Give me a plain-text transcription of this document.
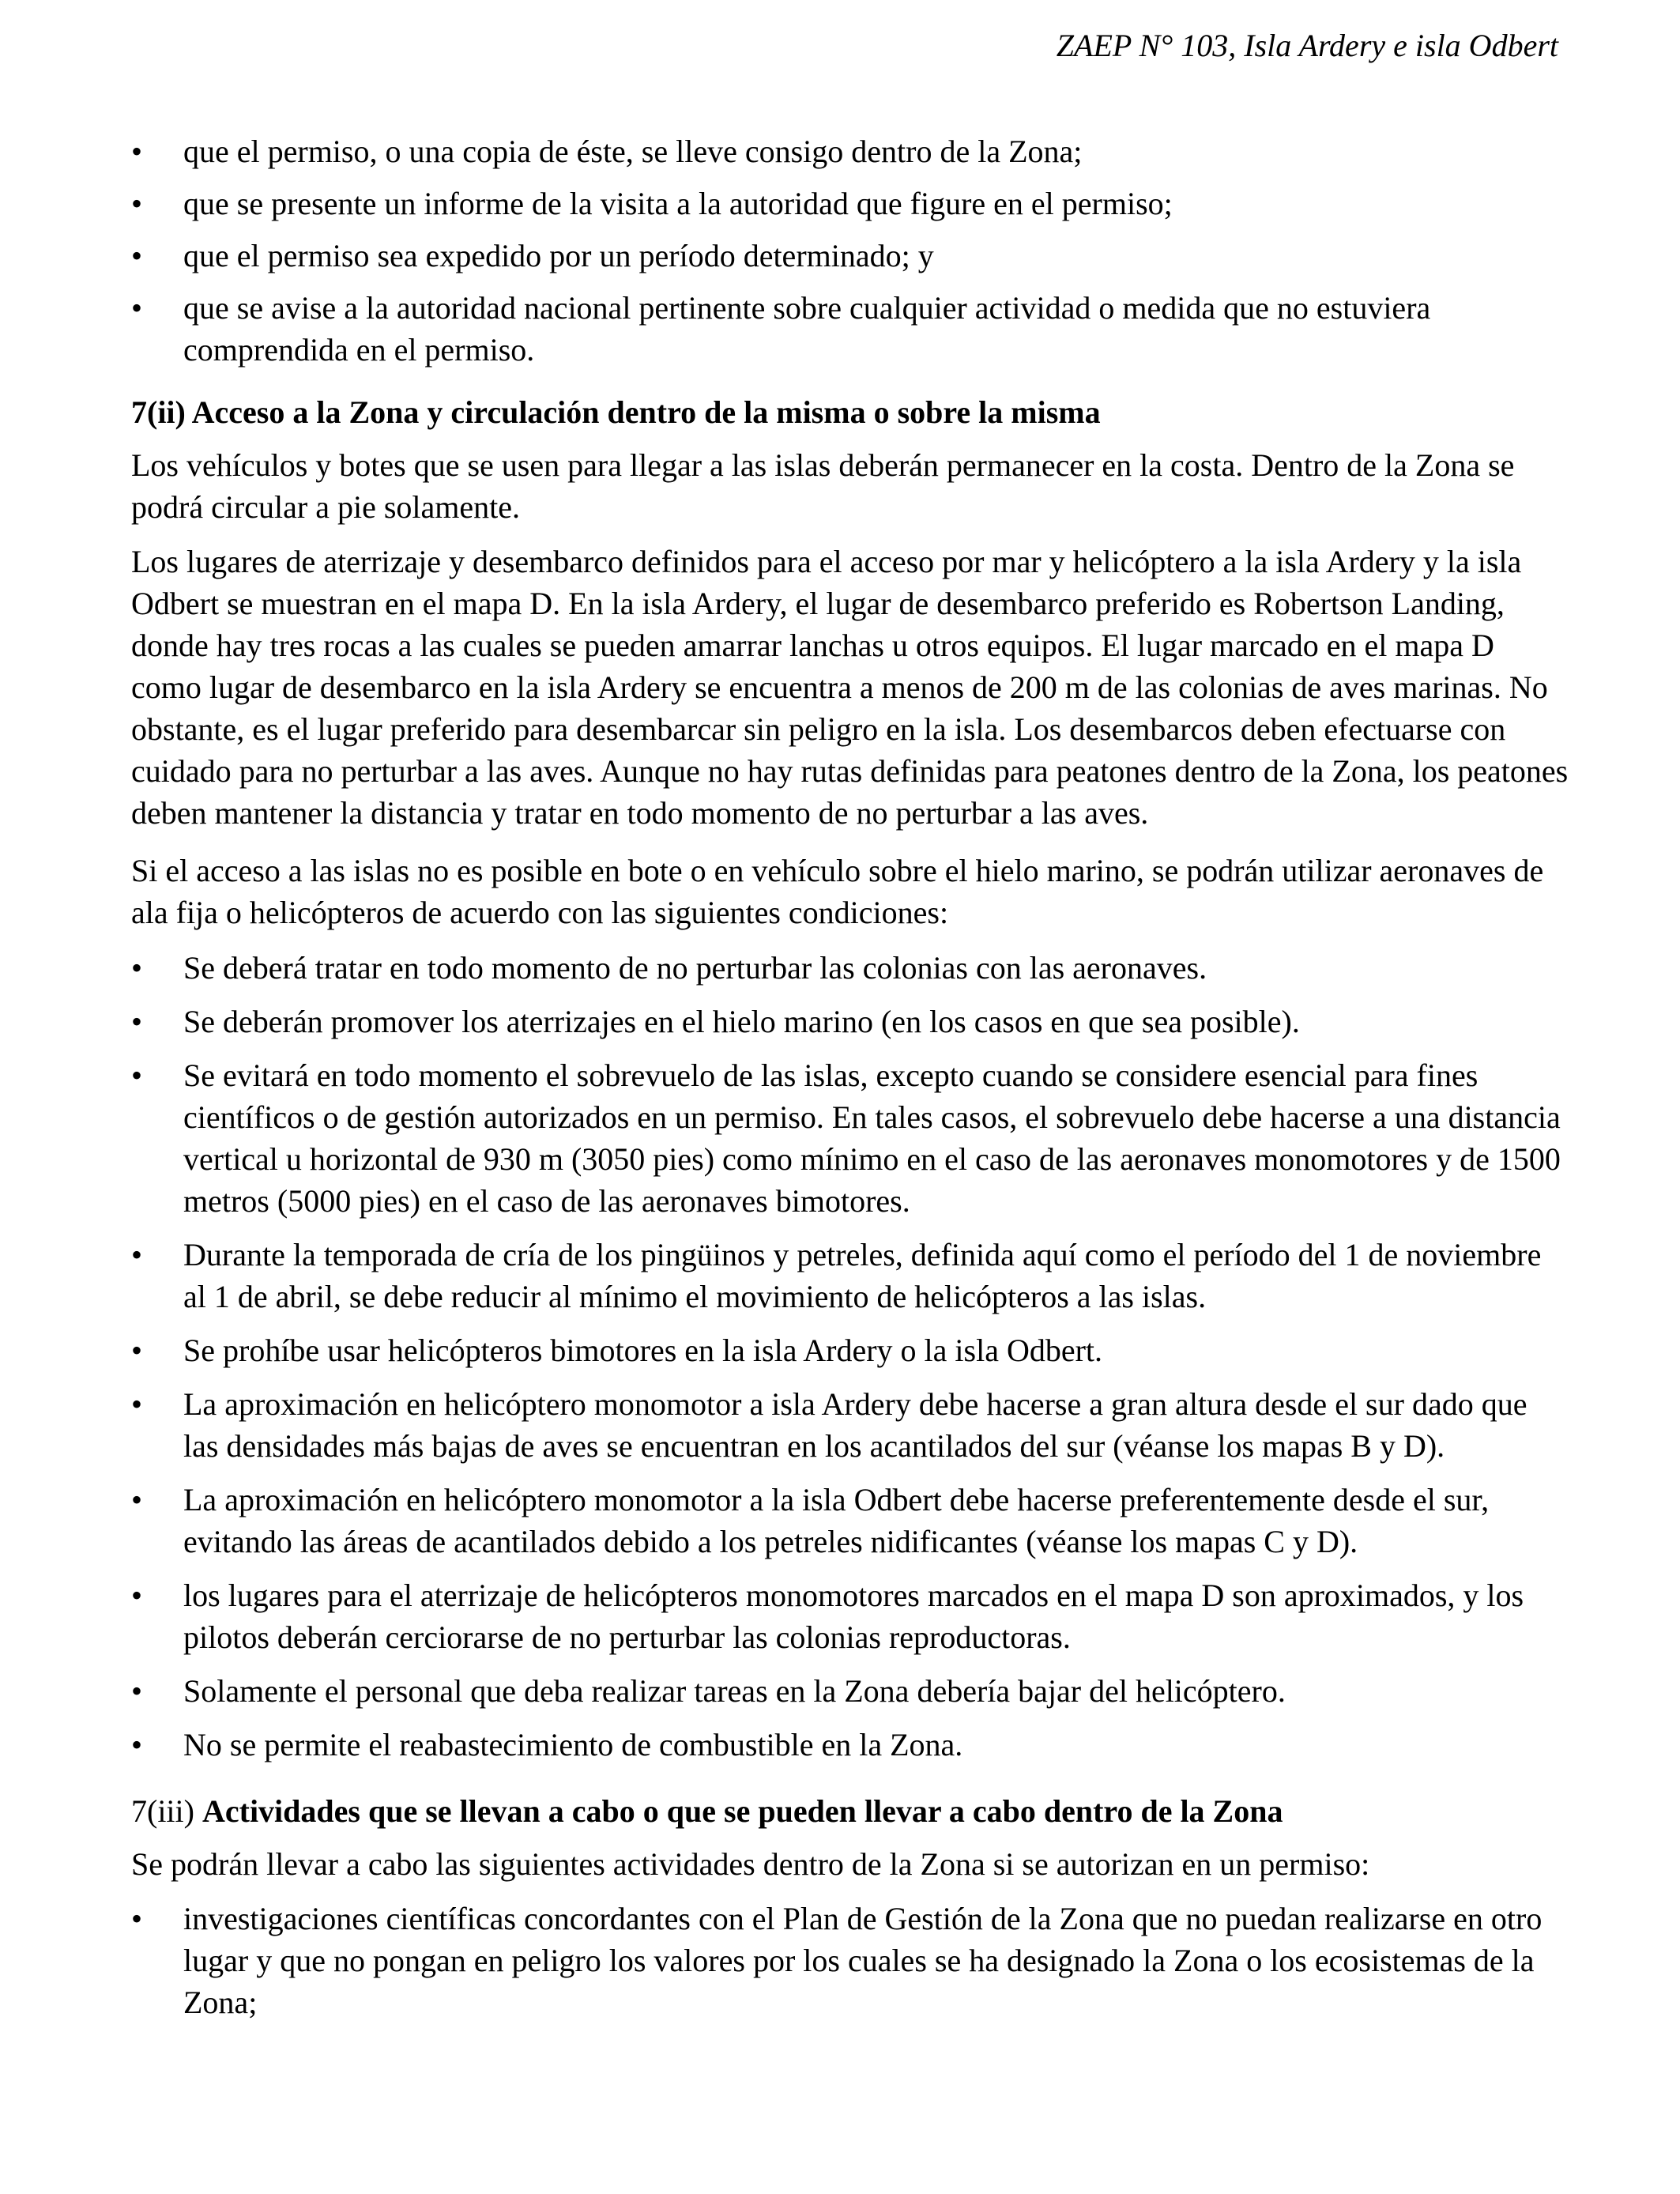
ZAEP N° 103, Isla Ardery e isla Odbert
•
que el permiso, o una copia de éste, se lleve consigo dentro de la Zona;
•
que se presente un informe de la visita a la autoridad que figure en el permiso;
•
que el permiso sea expedido por un período determinado; y
•
que se avise a la autoridad nacional pertinente sobre cualquier actividad o medida que no estuviera comprendida en el permiso.

7(ii) Acceso a la Zona y circulación dentro de la misma o sobre la misma

Los vehículos y botes que se usen para llegar a las islas deberán permanecer en la costa. Dentro de la Zona se podrá circular a pie solamente.

Los lugares de aterrizaje y desembarco definidos para el acceso por mar y helicóptero a la isla Ardery y la isla Odbert se muestran en el mapa D. En la isla Ardery, el lugar de desembarco preferido es Robertson Landing, donde hay tres rocas a las cuales se pueden amarrar lanchas u otros equipos. El lugar marcado en el mapa D como lugar de desembarco en la isla Ardery se encuentra a menos de 200 m de las colonias de aves marinas. No obstante, es el lugar preferido para desembarcar sin peligro en la isla. Los desembarcos deben efectuarse con cuidado para no perturbar a las aves. Aunque no hay rutas definidas para peatones dentro de la Zona, los peatones deben mantener la distancia y tratar en todo momento de no perturbar a las aves.

Si el acceso a las islas no es posible en bote o en vehículo sobre el hielo marino, se podrán utilizar aeronaves de ala fija o helicópteros de acuerdo con las siguientes condiciones:

•
Se deberá tratar en todo momento de no perturbar las colonias con las aeronaves.
•
Se deberán promover los aterrizajes en el hielo marino (en los casos en que sea posible).
•
Se evitará en todo momento el sobrevuelo de las islas, excepto cuando se considere esencial para fines científicos o de gestión autorizados en un permiso. En tales casos, el sobrevuelo debe hacerse a una distancia vertical u horizontal de 930 m (3050 pies) como mínimo en el caso de las aeronaves monomotores y de 1500 metros (5000 pies) en el caso de las aeronaves bimotores.
•
Durante la temporada de cría de los pingüinos y petreles, definida aquí como el período del 1 de noviembre al 1 de abril, se debe reducir al mínimo el movimiento de helicópteros a las islas.
•
Se prohíbe usar helicópteros bimotores en la isla Ardery o la isla Odbert.
•
La aproximación en helicóptero monomotor a isla Ardery debe hacerse a gran altura desde el sur dado que las densidades más bajas de aves se encuentran en los acantilados del sur (véanse los mapas B y D).
•
La aproximación en helicóptero monomotor a la isla Odbert debe hacerse preferentemente desde el sur, evitando las áreas de acantilados debido a los petreles nidificantes (véanse los mapas C y D).
•
los lugares para el aterrizaje de helicópteros monomotores marcados en el mapa D son aproximados, y los pilotos deberán cerciorarse de no perturbar las colonias reproductoras.
•
Solamente el personal que deba realizar tareas en la Zona debería bajar del helicóptero.
•
No se permite el reabastecimiento de combustible en la Zona.

7(iii) Actividades que se llevan a cabo o que se pueden llevar a cabo dentro de la Zona

Se podrán llevar a cabo las siguientes actividades dentro de la Zona si se autorizan en un permiso:

•
investigaciones científicas concordantes con el Plan de Gestión de la Zona que no puedan realizarse en otro lugar y que no pongan en peligro los valores por los cuales se ha designado la Zona o los ecosistemas de la Zona;
